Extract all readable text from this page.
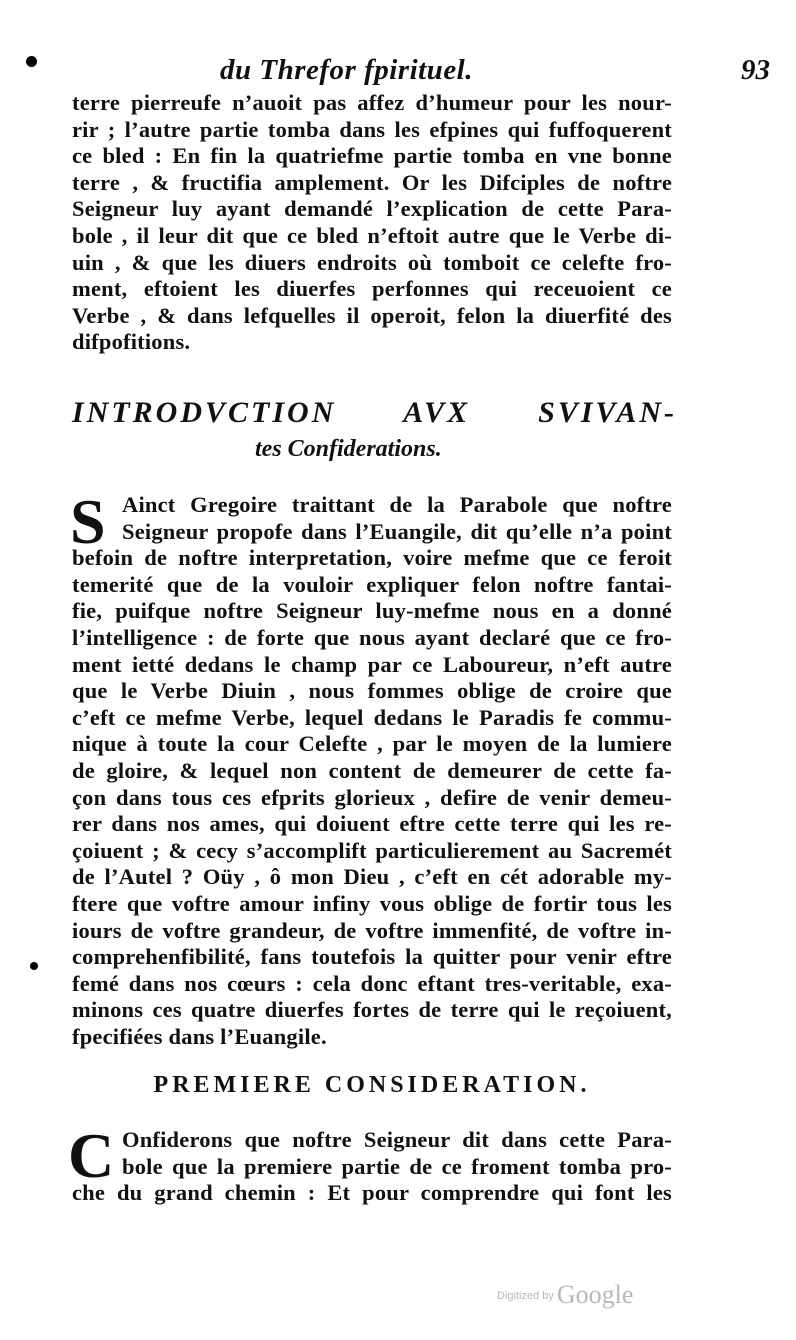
du Threfor fpirituel.	93
terre pierreufe n’auoit pas affez d’humeur pour les nour-
rir ; l’autre partie tomba dans les efpines qui fuffoquerent
ce bled : En fin la quatriefme partie tomba en vne bonne
terre , & fructifia amplement. Or les Difciples de noftre
Seigneur luy ayant demandé l’explication de cette Para-
bole , il leur dit que ce bled n’eftoit autre que le Verbe di-
uin , & que les diuers endroits où tomboit ce celefte fro-
ment, eftoient les diuerfes perfonnes qui receuoient ce
Verbe , & dans lefquelles il operoit, felon la diuerfité des
difpofitions.
INTRODVCTION AVX SVIVAN-
tes Confiderations.
S Ainct Gregoire traittant de la Parabole que noftre
Seigneur propofe dans l’Euangile, dit qu’elle n’a point
befoin de noftre interpretation, voire mefme que ce feroit
temerité que de la vouloir expliquer felon noftre fantai-
fie, puifque noftre Seigneur luy-mefme nous en a donné
l’intelligence : de forte que nous ayant declaré que ce fro-
ment ietté dedans le champ par ce Laboureur, n’eft autre
que le Verbe Diuin , nous fommes oblige de croire que
c’eft ce mefme Verbe, lequel dedans le Paradis fe commu-
nique à toute la cour Celefte , par le moyen de la lumiere
de gloire, & lequel non content de demeurer de cette fa-
çon dans tous ces efprits glorieux , defire de venir demeu-
rer dans nos ames, qui doiuent eftre cette terre qui les re-
çoiuent ; & cecy s’accomplift particulierement au Sacremét
de l’Autel ? Oüy , ô mon Dieu , c’eft en cét adorable my-
ftere que voftre amour infiny vous oblige de fortir tous les
iours de voftre grandeur, de voftre immenfité, de voftre in-
comprehenfibilité, fans toutefois la quitter pour venir eftre
femé dans nos cœurs : cela donc eftant tres-veritable, exa-
minons ces quatre diuerfes fortes de terre qui le reçoiuent,
fpecifiées dans l’Euangile.
PREMIERE CONSIDERATION.
C Onfiderons que noftre Seigneur dit dans cette Para-
bole que la premiere partie de ce froment tomba pro-
che du grand chemin : Et pour comprendre qui font les
$^{Digitized by}$ Google
